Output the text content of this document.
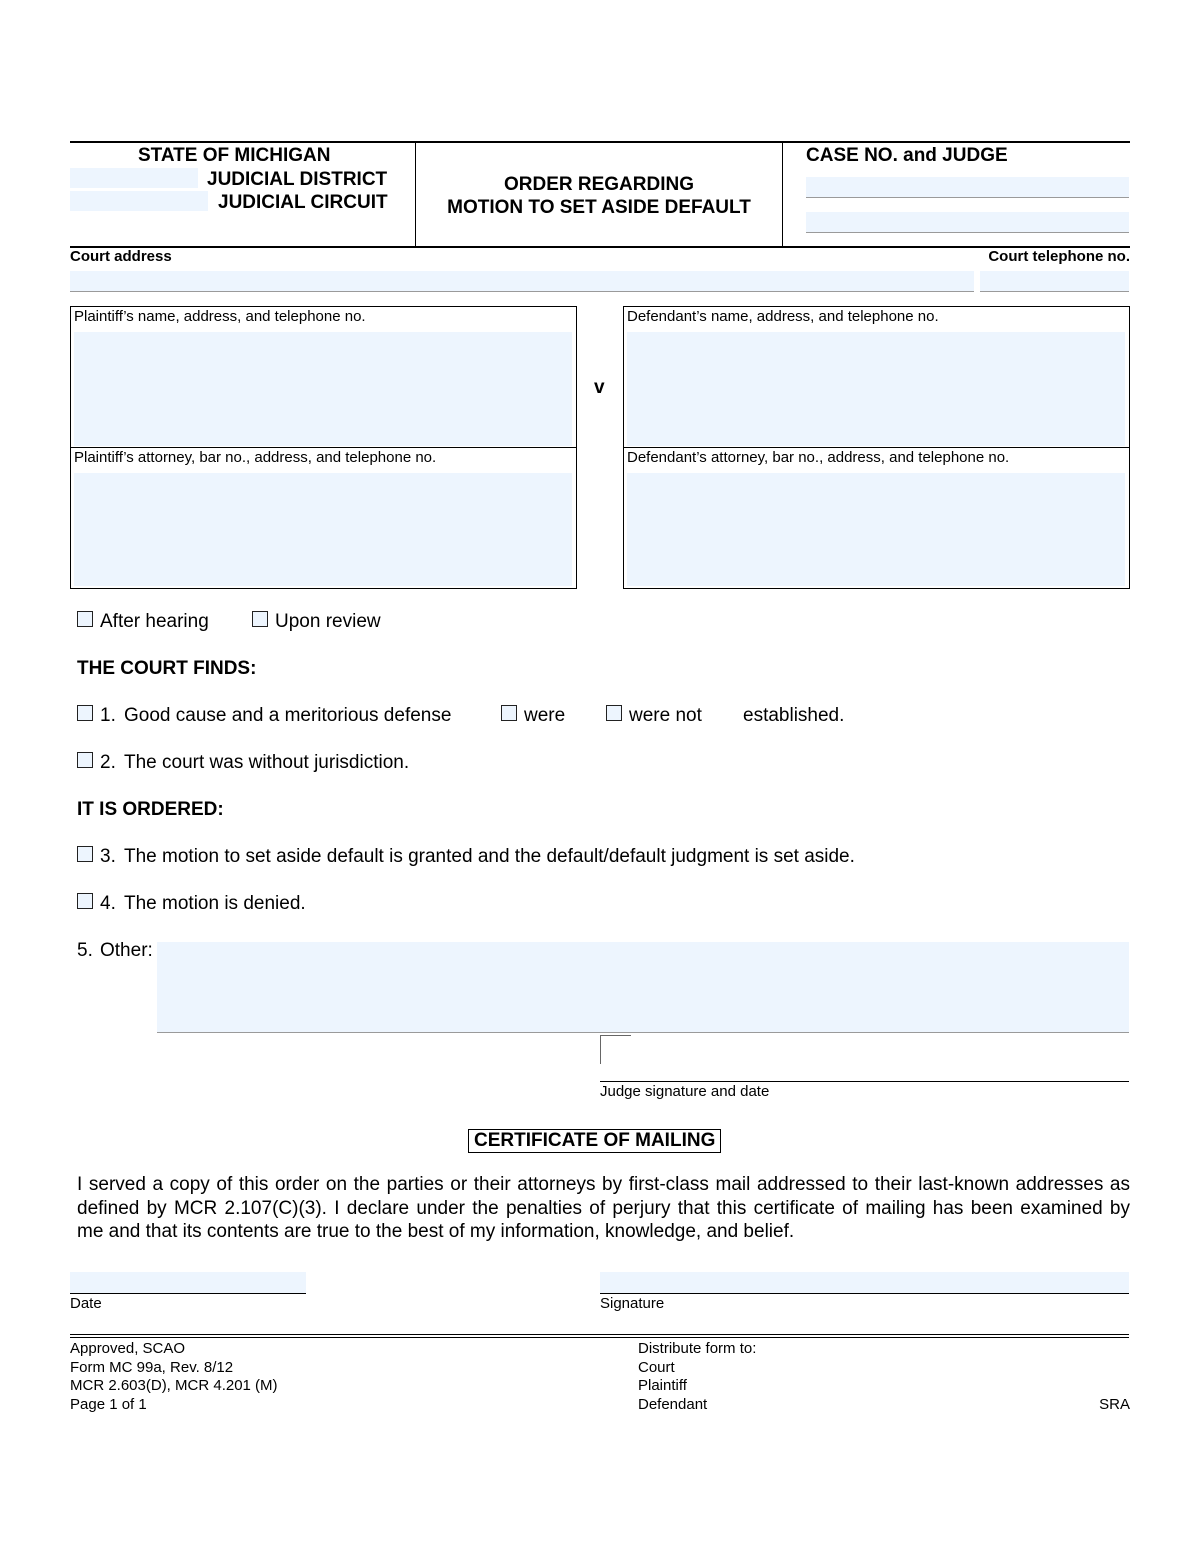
STATE OF MICHIGAN
JUDICIAL DISTRICT
JUDICIAL CIRCUIT
ORDER REGARDING
MOTION TO SET ASIDE DEFAULT
CASE NO. and JUDGE
Court address	Court telephone no.
Plaintiff’s name, address, and telephone no.
Plaintiff’s attorney, bar no., address, and telephone no.
v
Defendant’s name, address, and telephone no.
Defendant’s attorney, bar no., address, and telephone no.
After hearing	Upon review
THE COURT FINDS:
1. Good cause and a meritorious defense	were	were not established.
2. The court was without jurisdiction.
IT IS ORDERED:
3. The motion to set aside default is granted and the default/default judgment is set aside.
4. The motion is denied.
5. Other:
Judge signature and date
CERTIFICATE OF MAILING
I served a copy of this order on the parties or their attorneys by first-class mail addressed to their last-known addresses as
defined by MCR 2.107(C)(3). I declare under the penalties of perjury that this certificate of mailing has been examined by
me and that its contents are true to the best of my information, knowledge, and belief.
Date	Signature
Approved, SCAO
Form MC 99a, Rev. 8/12
MCR 2.603(D), MCR 4.201 (M)
Page 1 of 1
Distribute form to:
Court
Plaintiff
Defendant	SRA
